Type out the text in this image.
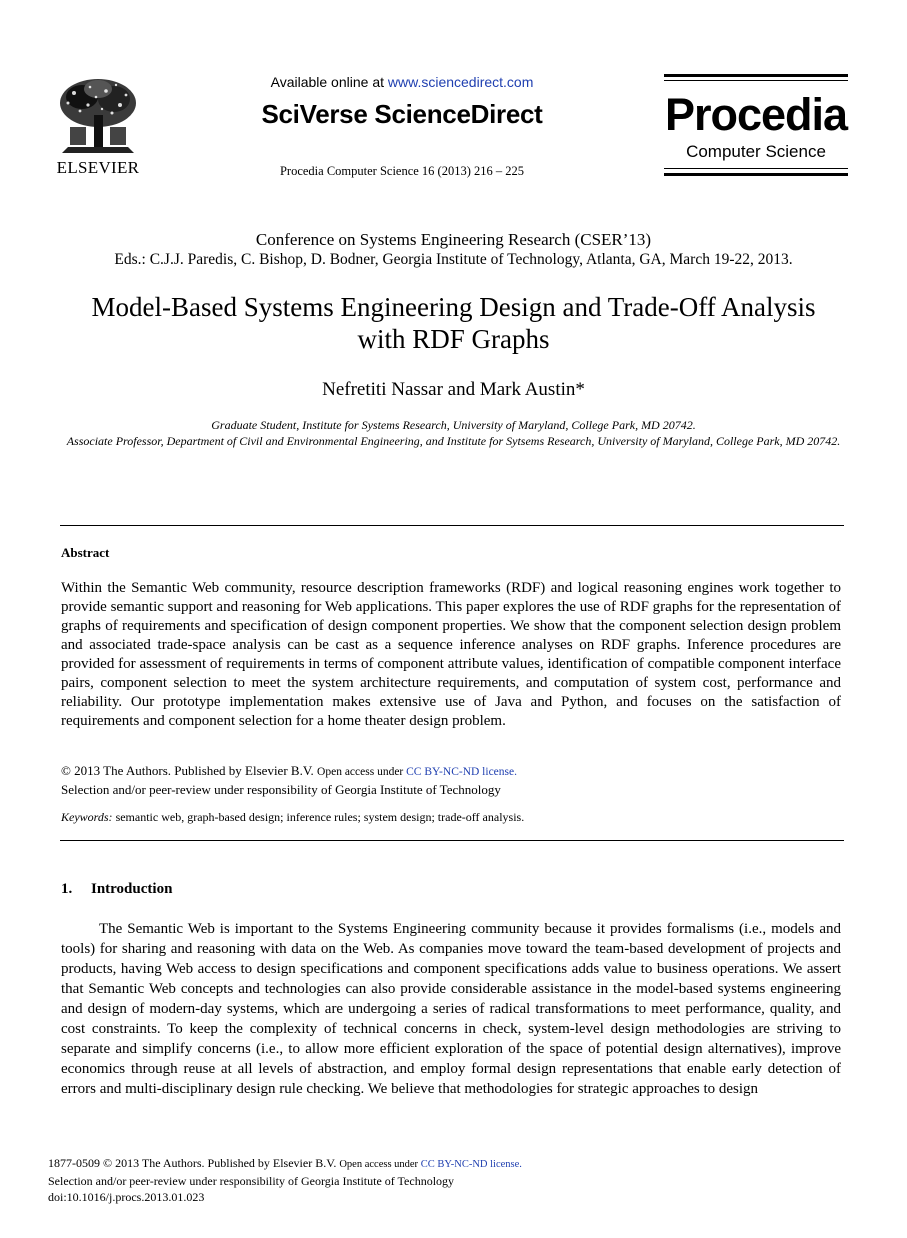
ELSEVIER
Available online at www.sciencedirect.com
SciVerse ScienceDirect
Procedia Computer Science 16 (2013) 216 – 225
Procedia
Computer Science
Conference on Systems Engineering Research (CSER’13)
Eds.: C.J.J. Paredis, C. Bishop, D. Bodner, Georgia Institute of Technology, Atlanta, GA, March 19-22, 2013.
Model-Based Systems Engineering Design and Trade-Off Analysis
with RDF Graphs
Nefretiti Nassar and Mark Austin*
Graduate Student, Institute for Systems Research, University of Maryland, College Park, MD 20742.
Associate Professor, Department of Civil and Environmental Engineering, and Institute for Sytsems Research, University of Maryland, College Park, MD 20742.
Abstract
Within the Semantic Web community, resource description frameworks (RDF) and logical reasoning engines work together to provide semantic support and reasoning for Web applications. This paper explores the use of RDF graphs for the representation of graphs of requirements and specification of design component properties. We show that the component selection design problem and associated trade-space analysis can be cast as a sequence inference analyses on RDF graphs. Inference procedures are provided for assessment of requirements in terms of component attribute values, identification of compatible component interface pairs, component selection to meet the system architecture requirements, and computation of system cost, performance and reliability. Our prototype implementation makes extensive use of Java and Python, and focuses on the satisfaction of requirements and component selection for a home theater design problem.
© 2013 The Authors. Published by Elsevier B.V. Open access under CC BY-NC-ND license.
Selection and/or peer-review under responsibility of Georgia Institute of Technology
Keywords: semantic web, graph-based design; inference rules; system design; trade-off analysis.
1. Introduction
The Semantic Web is important to the Systems Engineering community because it provides formalisms (i.e., models and tools) for sharing and reasoning with data on the Web. As companies move toward the team-based development of projects and products, having Web access to design specifications and component specifications adds value to business operations. We assert that Semantic Web concepts and technologies can also provide considerable assistance in the model-based systems engineering and design of modern-day systems, which are undergoing a series of radical transformations to meet performance, quality, and cost constraints. To keep the complexity of technical concerns in check, system-level design methodologies are striving to separate and simplify concerns (i.e., to allow more efficient exploration of the space of potential design alternatives), improve economics through reuse at all levels of abstraction, and employ formal design representations that enable early detection of errors and multi-disciplinary design rule checking. We believe that methodologies for strategic approaches to design
1877-0509 © 2013 The Authors. Published by Elsevier B.V. Open access under CC BY-NC-ND license.
Selection and/or peer-review under responsibility of Georgia Institute of Technology
doi:10.1016/j.procs.2013.01.023
